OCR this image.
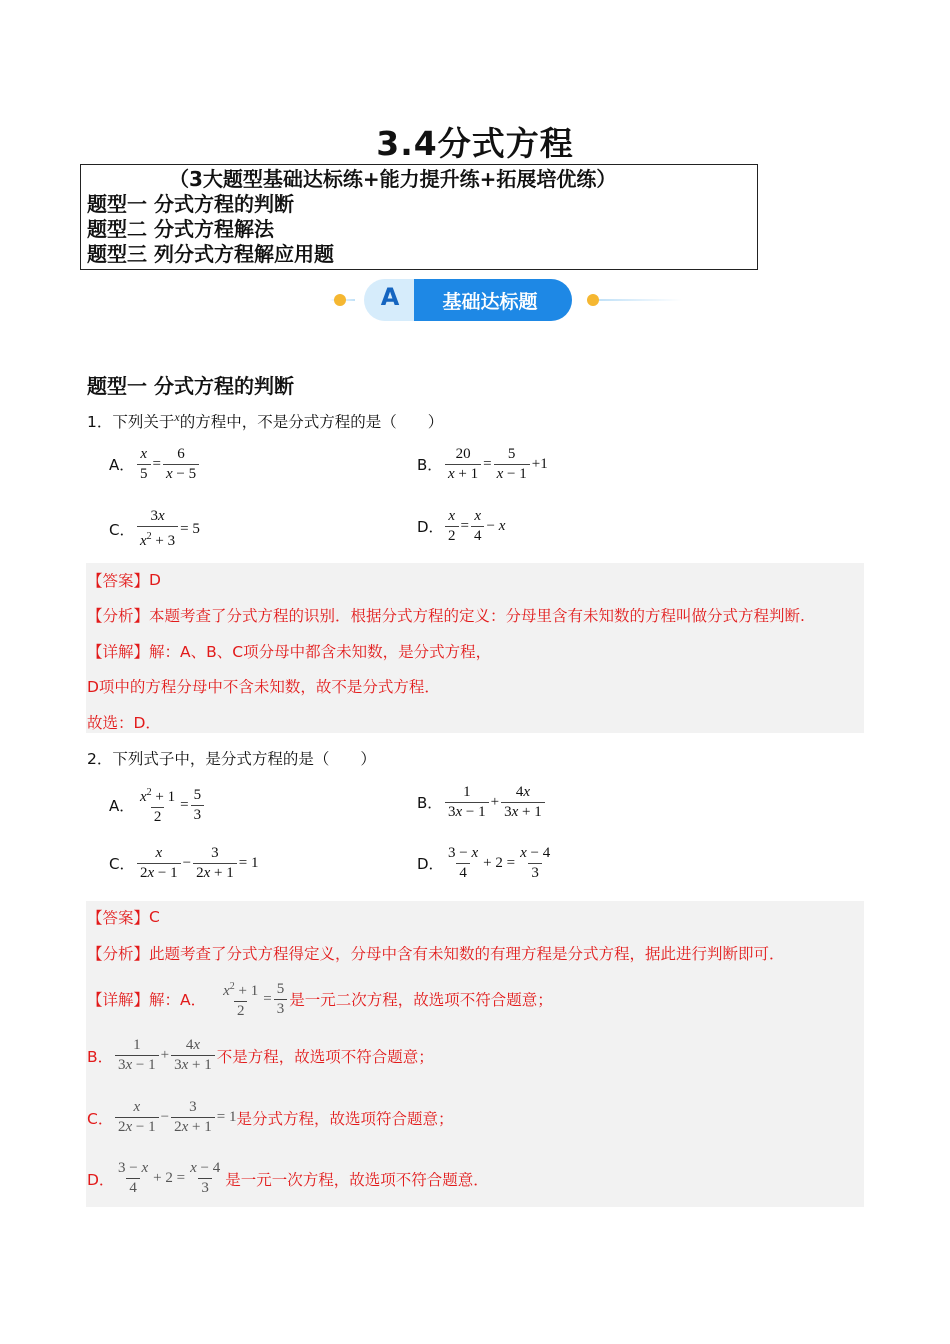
3.4分式方程
（3大题型基础达标练+能力提升练+拓展培优练）
题型一 分式方程的判断
题型二 分式方程解法
题型三 列分式方程解应用题
A	基础达标题
题型一 分式方程的判断
1．下列关于$^x$的方程中，不是分式方程的是（　　）
A． $\frac{x}{5} = \frac{6}{x - 5}$	B． $\frac{20}{x + 1} = \frac{5}{x - 1} +1$
C． $\frac{3x}{x^2 + 3} = 5$	D． $\frac{x}{2} = \frac{x}{4} - x$
【答案】 D
【分析】 本题考查了分式方程的识别．根据分式方程的定义：分母里含有未知数的方程叫做分式方程判断.
【详解】 解：A、B、C项分母中都含未知数，是分式方程，
D项中的方程分母中不含未知数，故不是分式方程．
故选：D．
2．下列式子中，是分式方程的是（　　）
A． $\frac{x^2 + 1}{2} = \frac{5}{3}$	B． $\frac{1}{3x - 1} + \frac{4x}{3x + 1}$
C． $\frac{x}{2x - 1} - \frac{3}{2x + 1} = 1$	D． $\frac{3 - x}{4} + 2 = \frac{x - 4}{3}$
【答案】 C
【分析】 此题考查了分式方程得定义，分母中含有未知数的有理方程是分式方程，据此进行判断即可．
【详解】 解：A． $\frac{x^2 + 1}{2} = \frac{5}{3}$ 是一元二次方程，故选项不符合题意；
B． $\frac{1}{3x - 1} + \frac{4x}{3x + 1}$ 不是方程，故选项不符合题意；
C． $\frac{x}{2x - 1} - \frac{3}{2x + 1} = 1$ 是分式方程，故选项符合题意；
D． $\frac{3 - x}{4} + 2 = \frac{x - 4}{3}$ 是一元一次方程，故选项不符合题意．
